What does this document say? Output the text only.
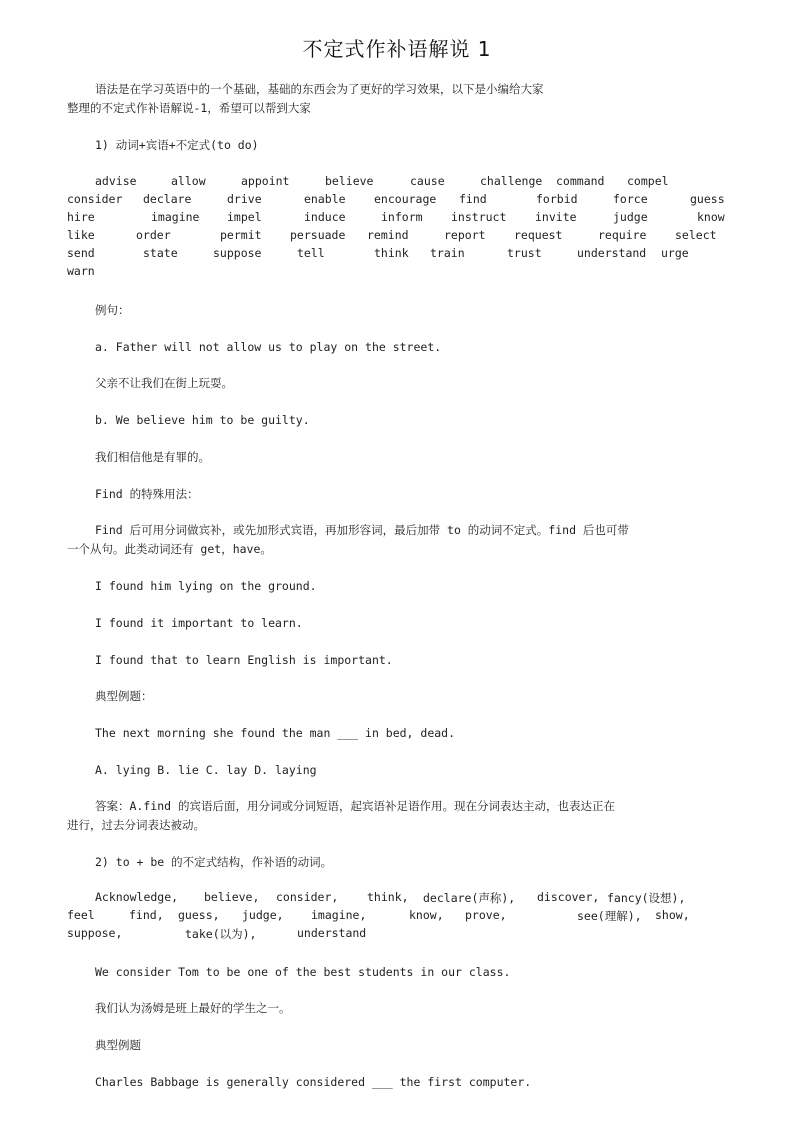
不定式作补语解说 1
语法是在学习英语中的一个基础，基础的东西会为了更好的学习效果，以下是小编给大家
整理的不定式作补语解说-1，希望可以帮到大家
1) 动词+宾语+不定式(to do)
advise	allow	appoint	believe	cause	challenge command compel
consider declare	drive	enable encourage find	forbid	force	guess
hire	imagine impel	induce	inform instruct invite	judge	know
like	order	permit persuade remind	report request	require select
send	state	suppose	tell	think train	trust	understand urge
warn
例句：
a. Father will not allow us to play on the street.
父亲不让我们在街上玩耍。
b. We believe him to be guilty.
我们相信他是有罪的。
Find 的特殊用法：
Find 后可用分词做宾补，或先加形式宾语，再加形容词，最后加带 to 的动词不定式。find 后也可带
一个从句。此类动词还有 get，have。
I found him lying on the ground.
I found it important to learn.
I found that to learn English is important.
典型例题：
The next morning she found the man ___ in bed, dead.
A. lying B. lie C. lay D. laying
答案：A.find 的宾语后面，用分词或分词短语，起宾语补足语作用。现在分词表达主动，也表达正在
进行，过去分词表达被动。
2) to + be 的不定式结构，作补语的动词。
Acknowledge, believe, consider, think, declare(声称), discover, fancy(设想),
feel	find, guess, judge, imagine,	know, prove,	see(理解), show,
suppose,	take(以为),	understand
We consider Tom to be one of the best students in our class.
我们认为汤姆是班上最好的学生之一。
典型例题
Charles Babbage is generally considered ___ the first computer.
